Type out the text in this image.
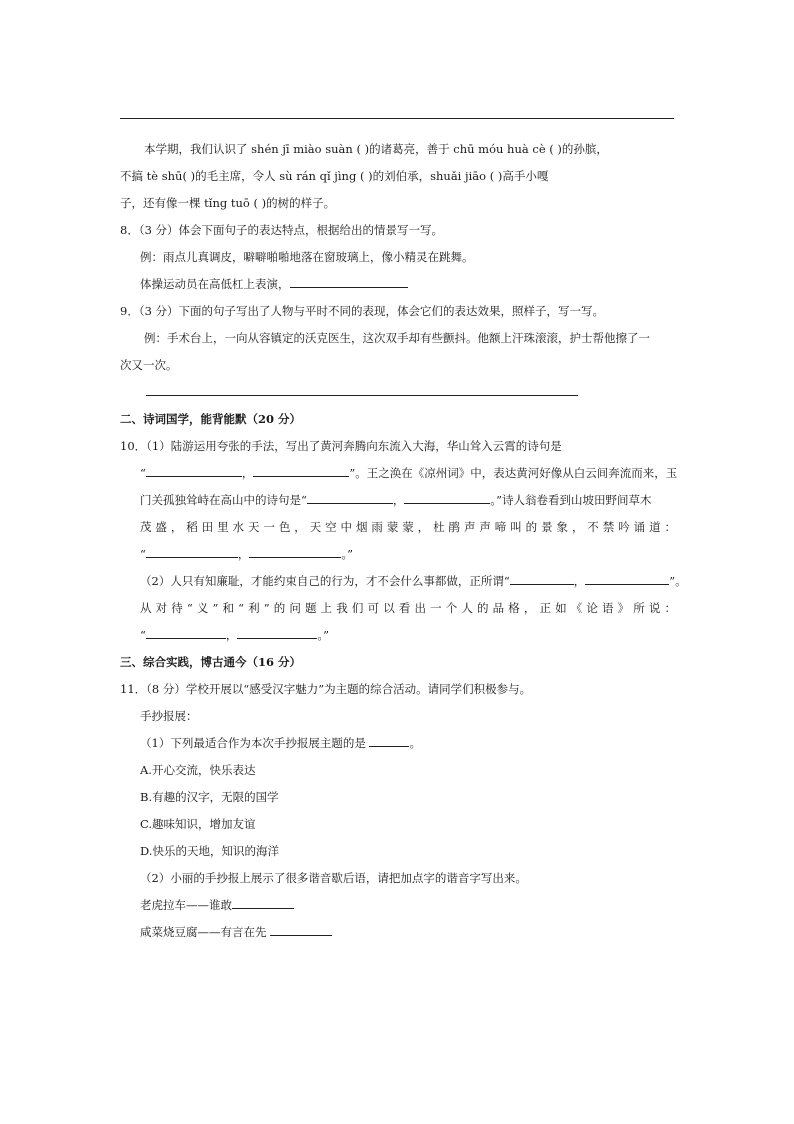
本学期，我们认识了 shén jī miào suàn ( )的诸葛亮，善于 chū móu huà cè ( )的孙膑，

不搞 tè shū( )的毛主席，令人 sù rán qǐ jìng ( )的刘伯承，shuǎi jiāo ( )高手小嘎

子，还有像一棵 tǐng tuō ( )的树的样子。

8．（3 分）体会下面句子的表达特点，根据给出的情景写一写。

例：雨点儿真调皮，噼噼啪啪地落在窗玻璃上，像小精灵在跳舞。

体操运动员在高低杠上表演，

9．（3 分）下面的句子写出了人物与平时不同的表现，体会它们的表达效果，照样子，写一写。

例：手术台上，一向从容镇定的沃克医生，这次双手却有些颤抖。他额上汗珠滚滚，护士帮他擦了一

次又一次。

二、诗词国学，能背能默（20 分）

10．（1）陆游运用夸张的手法，写出了黄河奔腾向东流入大海，华山耸入云霄的诗句是

“	，	”。王之涣在《凉州词》中，表达黄河好像从白云间奔流而来，玉

门关孤独耸峙在高山中的诗句是“	，	。”诗人翁卷看到山坡田野间草木

茂盛，稻田里水天一色，天空中烟雨蒙蒙，杜鹃声声啼叫的景象，不禁吟诵道：

“	，	。”

（2）人只有知廉耻，才能约束自己的行为，才不会什么事都做，正所谓“	，	”。

从对待“义”和“利”的问题上我们可以看出一个人的品格，正如《论语》所说：

“	，	。”

三、综合实践，博古通今（16 分）

11．（8 分）学校开展以“感受汉字魅力”为主题的综合活动。请同学们积极参与。

手抄报展：

（1）下列最适合作为本次手抄报展主题的是	。

A.开心交流，快乐表达

B.有趣的汉字，无限的国学

C.趣味知识，增加友谊

D.快乐的天地，知识的海洋

（2）小丽的手抄报上展示了很多谐音歇后语，请把加点字的谐音字写出来。

老虎拉车——谁敢

咸菜烧豆腐——有言在先
